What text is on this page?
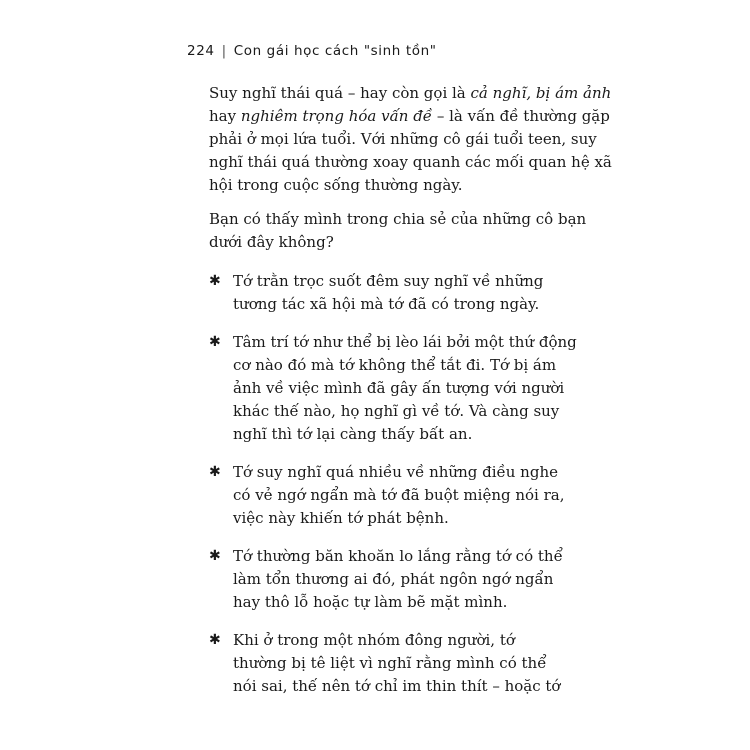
224 | Con gái học cách "sinh tồn"

Suy nghĩ thái quá – hay còn gọi là cả nghĩ, bị ám ảnh
hay nghiêm trọng hóa vấn đề – là vấn đề thường gặp
phải ở mọi lứa tuổi. Với những cô gái tuổi teen, suy
nghĩ thái quá thường xoay quanh các mối quan hệ xã
hội trong cuộc sống thường ngày.

Bạn có thấy mình trong chia sẻ của những cô bạn
dưới đây không?

✱ Tớ trằn trọc suốt đêm suy nghĩ về những
tương tác xã hội mà tớ đã có trong ngày.
✱ Tâm trí tớ như thể bị lèo lái bởi một thứ động
cơ nào đó mà tớ không thể tắt đi. Tớ bị ám
ảnh về việc mình đã gây ấn tượng với người
khác thế nào, họ nghĩ gì về tớ. Và càng suy
nghĩ thì tớ lại càng thấy bất an.
✱ Tớ suy nghĩ quá nhiều về những điều nghe
có vẻ ngớ ngẩn mà tớ đã buột miệng nói ra,
việc này khiến tớ phát bệnh.
✱ Tớ thường băn khoăn lo lắng rằng tớ có thể
làm tổn thương ai đó, phát ngôn ngớ ngẩn
hay thô lỗ hoặc tự làm bẽ mặt mình.
✱ Khi ở trong một nhóm đông người, tớ
thường bị tê liệt vì nghĩ rằng mình có thể
nói sai, thế nên tớ chỉ im thin thít – hoặc tớ
